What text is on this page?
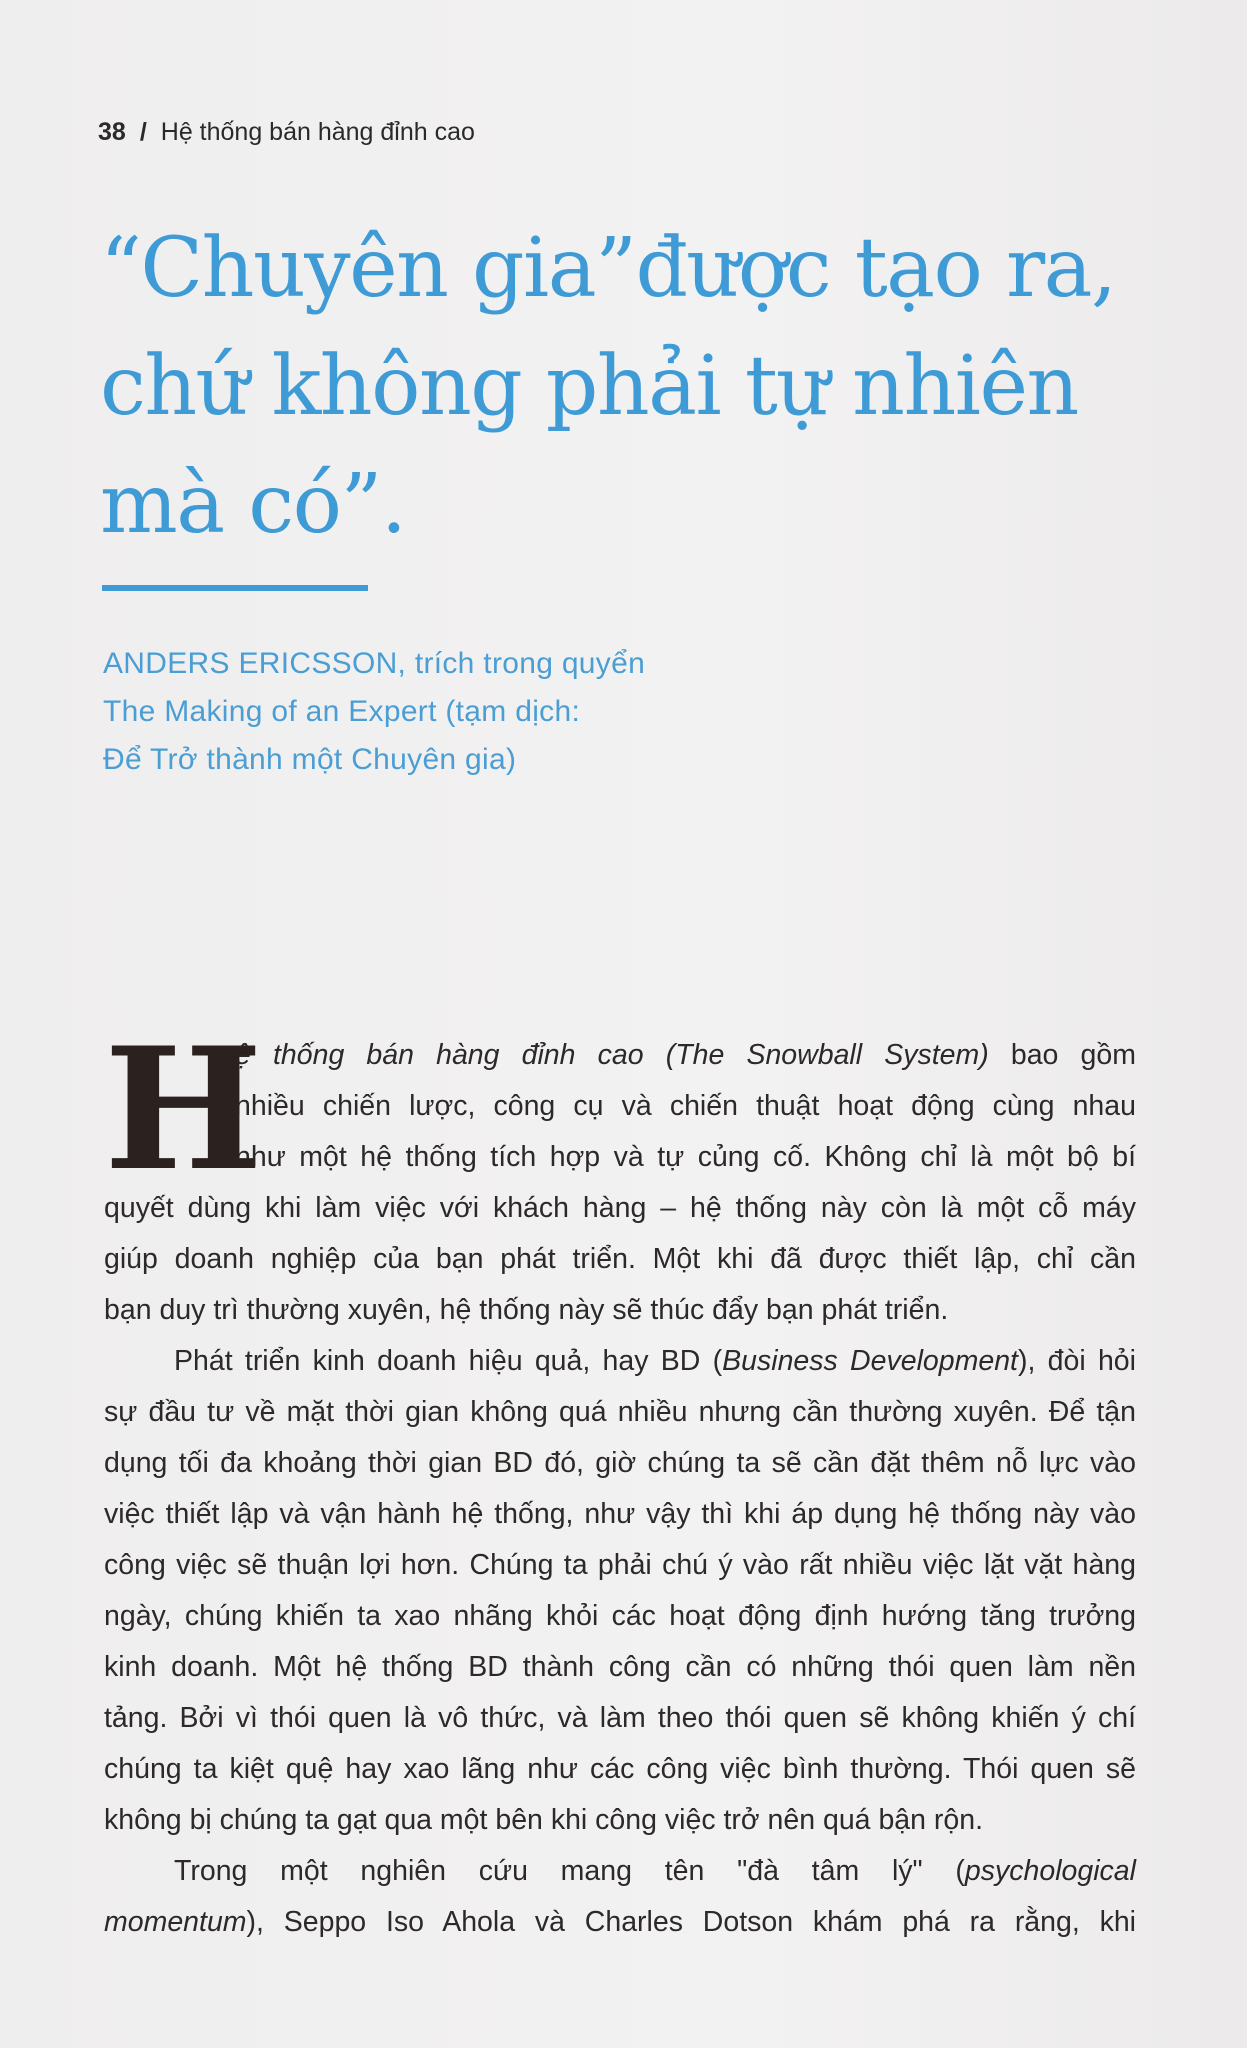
38 / Hệ thống bán hàng đỉnh cao
“Chuyên gia”được tạo ra,
chứ không phải tự nhiên
mà có”.
ANDERS ERICSSON, trích trong quyển
The Making of an Expert (tạm dịch:
Để Trở thành một Chuyên gia)
H
ệ thống bán hàng đỉnh cao (The Snowball System) bao gồm
nhiều chiến lược, công cụ và chiến thuật hoạt động cùng nhau
như một hệ thống tích hợp và tự củng cố. Không chỉ là một bộ bí
quyết dùng khi làm việc với khách hàng – hệ thống này còn là một cỗ máy
giúp doanh nghiệp của bạn phát triển. Một khi đã được thiết lập, chỉ cần
bạn duy trì thường xuyên, hệ thống này sẽ thúc đẩy bạn phát triển.
Phát triển kinh doanh hiệu quả, hay BD (Business Development), đòi hỏi
sự đầu tư về mặt thời gian không quá nhiều nhưng cần thường xuyên. Để tận
dụng tối đa khoảng thời gian BD đó, giờ chúng ta sẽ cần đặt thêm nỗ lực vào
việc thiết lập và vận hành hệ thống, như vậy thì khi áp dụng hệ thống này vào
công việc sẽ thuận lợi hơn. Chúng ta phải chú ý vào rất nhiều việc lặt vặt hàng
ngày, chúng khiến ta xao nhãng khỏi các hoạt động định hướng tăng trưởng
kinh doanh. Một hệ thống BD thành công cần có những thói quen làm nền
tảng. Bởi vì thói quen là vô thức, và làm theo thói quen sẽ không khiến ý chí
chúng ta kiệt quệ hay xao lãng như các công việc bình thường. Thói quen sẽ
không bị chúng ta gạt qua một bên khi công việc trở nên quá bận rộn.
Trong một nghiên cứu mang tên "đà tâm lý" (psychological
momentum), Seppo Iso Ahola và Charles Dotson khám phá ra rằng, khi
